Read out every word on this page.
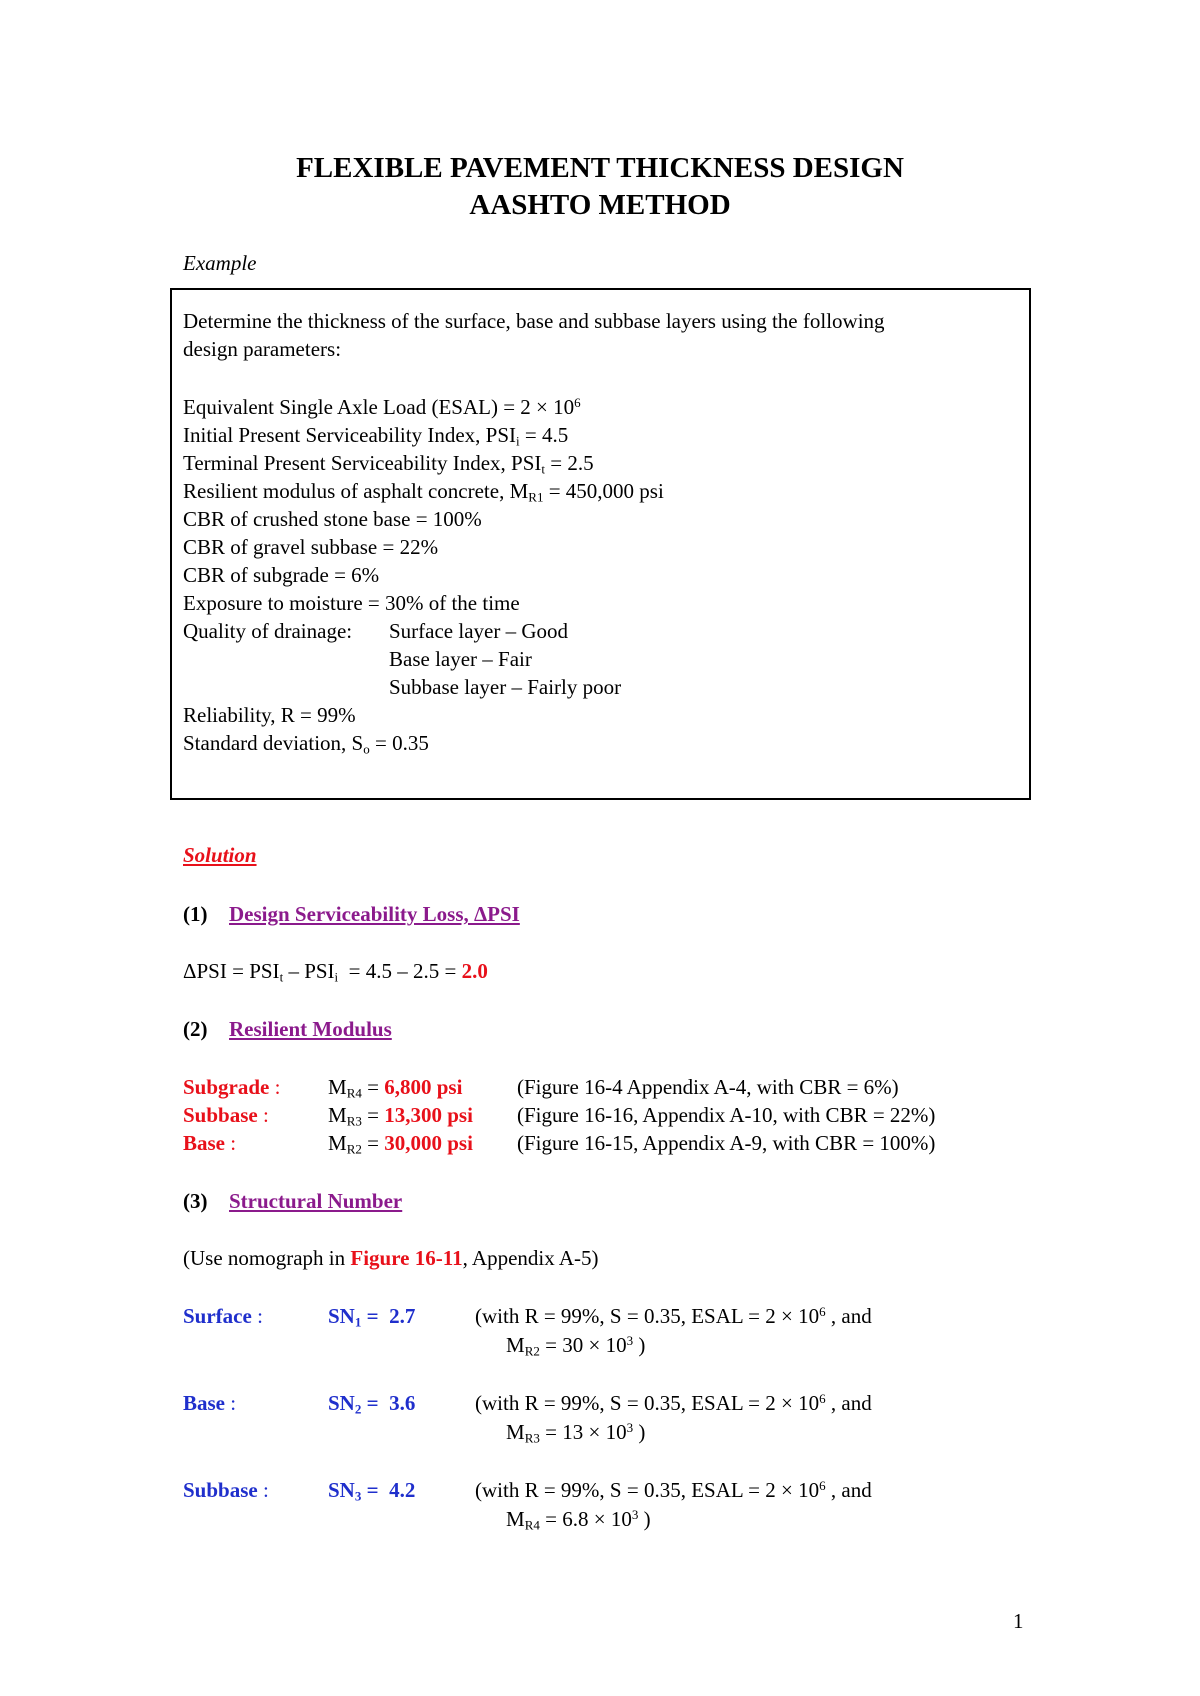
FLEXIBLE PAVEMENT THICKNESS DESIGN
AASHTO METHOD
Example
Determine the thickness of the surface, base and subbase layers using the following
design parameters:
Equivalent Single Axle Load (ESAL) = $2 \times 10^6$
Initial Present Serviceability Index, $PSI_i = 4.5$
Terminal Present Serviceability Index, $PSI_t = 2.5$
Resilient modulus of asphalt concrete, $M_{R1} = 450,000$ psi
CBR of crushed stone base = 100%
CBR of gravel subbase = 22%
CBR of subgrade = 6%
Exposure to moisture = 30% of the time
Quality of drainage: Surface layer – Good
Base layer – Fair
Subbase layer – Fairly poor
Reliability, R = 99%
Standard deviation, $S_o = 0.35$
Solution
(1) Design Serviceability Loss, ΔPSI
$\Delta PSI = PSI_t - PSI_i = 4.5 - 2.5 = 2.0$
(2) Resilient Modulus
Subgrade : $M_{R4} = 6,800$ psi	(Figure 16-4 Appendix A-4, with CBR = 6%)
Subbase :	$M_{R3} = 13,300$ psi (Figure 16-16, Appendix A-10, with CBR = 22%)
Base :	$M_{R2} = 30,000$ psi (Figure 16-15, Appendix A-9, with CBR = 100%)
(3) Structural Number
(Use nomograph in Figure 16-11, Appendix A-5)
Surface :	$SN_1 = 2.7$	(with R = 99%, S = 0.35, ESAL = $2 \times 10^6$ , and
$M_{R2} = 30 \times 10^3$ )
Base :	$SN_2 = 3.6$	(with R = 99%, S = 0.35, ESAL = $2 \times 10^6$ , and
$M_{R3} = 13 \times 10^3$ )
Subbase :	$SN_3 = 4.2$	(with R = 99%, S = 0.35, ESAL = $2 \times 10^6$ , and
$M_{R4} = 6.8 \times 10^3$ )
1
